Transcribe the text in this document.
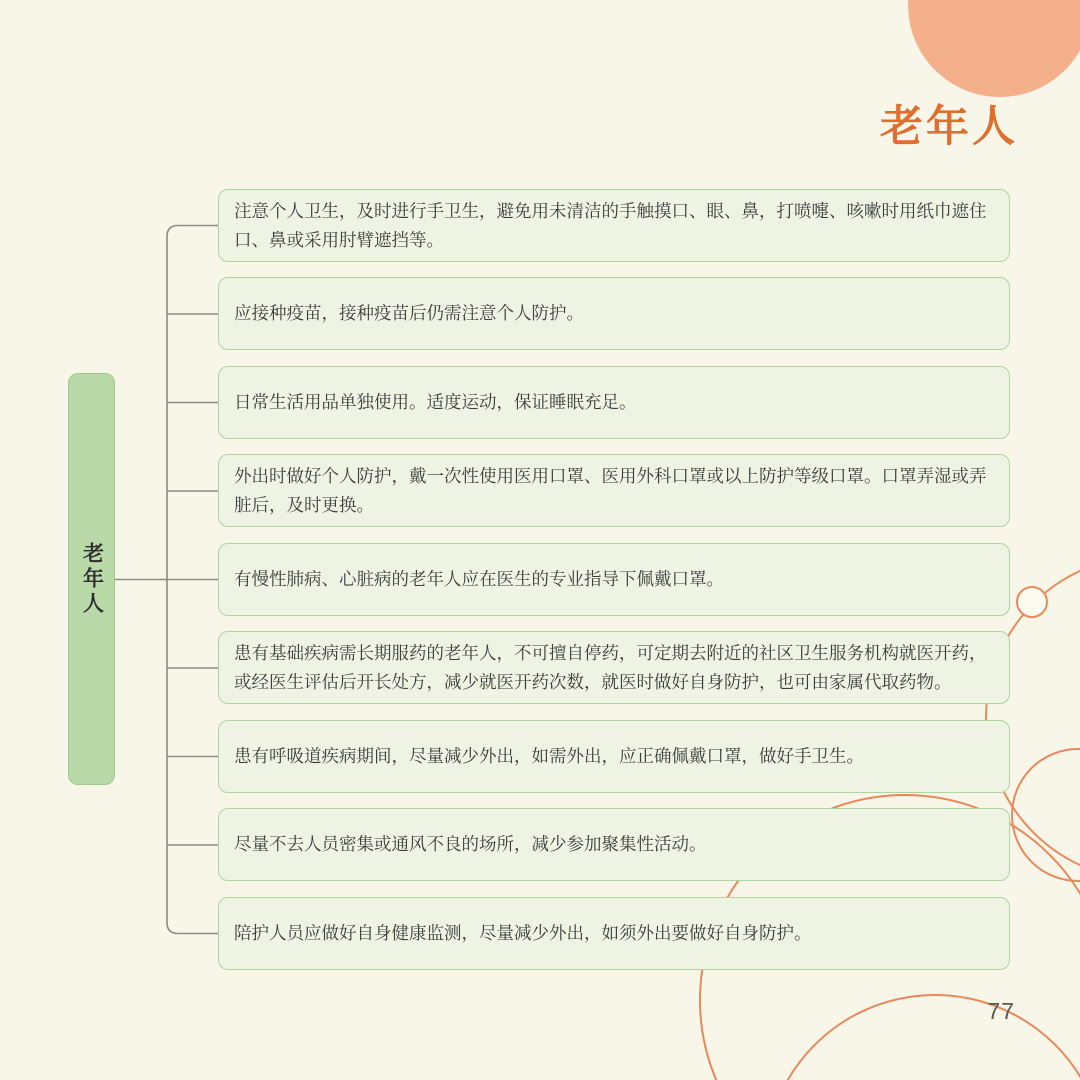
老年人
老年人
注意个人卫生，及时进行手卫生，避免用未清洁的手触摸口、眼、鼻，打喷嚏、咳嗽时用纸巾遮住口、鼻或采用肘臂遮挡等。
应接种疫苗，接种疫苗后仍需注意个人防护。
日常生活用品单独使用。适度运动，保证睡眠充足。
外出时做好个人防护，戴一次性使用医用口罩、医用外科口罩或以上防护等级口罩。口罩弄湿或弄脏后，及时更换。
有慢性肺病、心脏病的老年人应在医生的专业指导下佩戴口罩。
患有基础疾病需长期服药的老年人，不可擅自停药，可定期去附近的社区卫生服务机构就医开药，或经医生评估后开长处方，减少就医开药次数，就医时做好自身防护，也可由家属代取药物。
患有呼吸道疾病期间，尽量减少外出，如需外出，应正确佩戴口罩，做好手卫生。
尽量不去人员密集或通风不良的场所，减少参加聚集性活动。
陪护人员应做好自身健康监测，尽量减少外出，如须外出要做好自身防护。
77
